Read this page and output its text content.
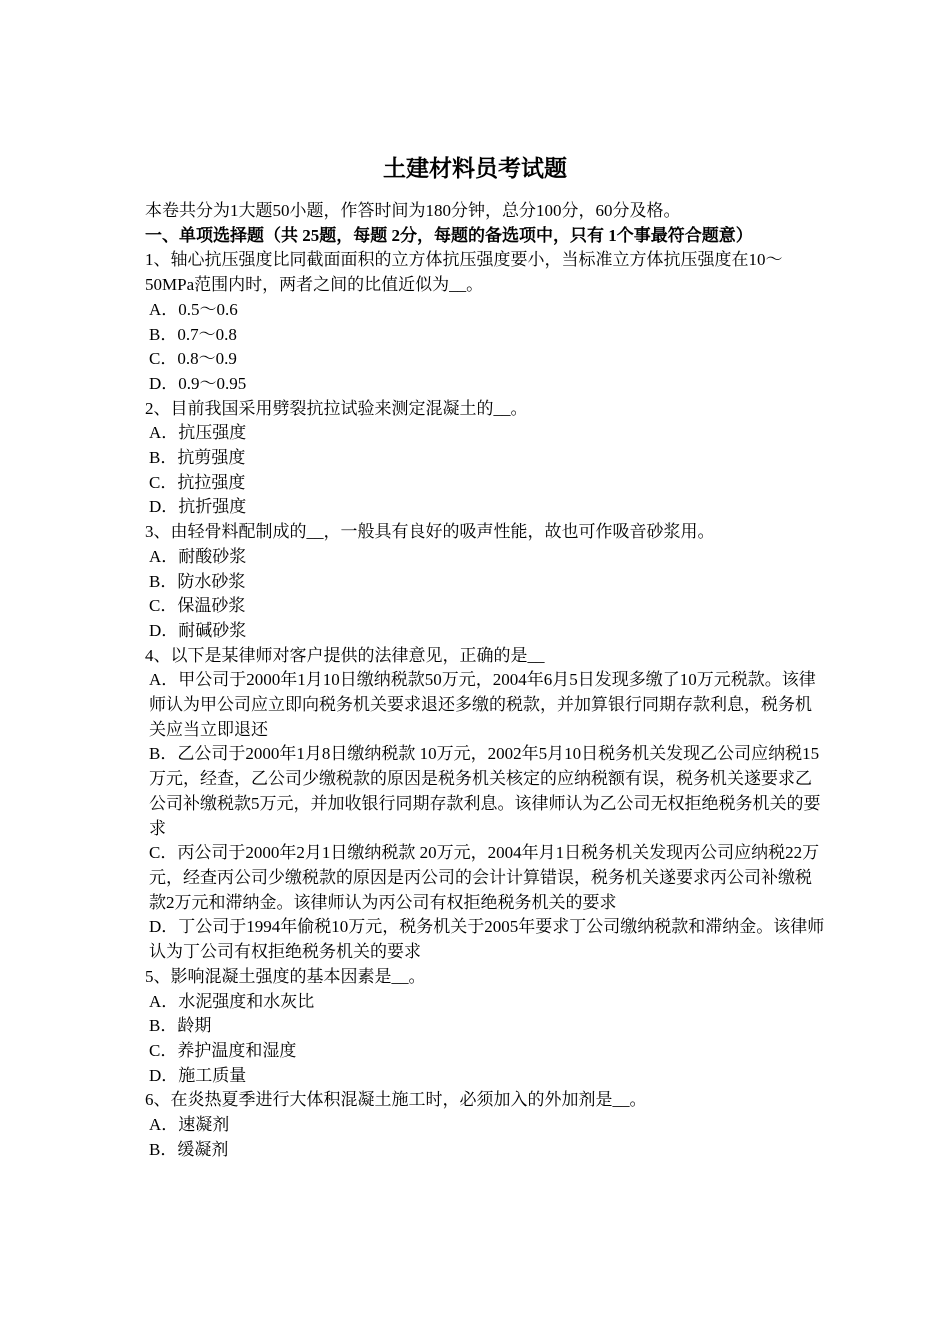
土建材料员考试题

本卷共分为1大题50小题，作答时间为180分钟，总分100分，60分及格。

一、单项选择题（共 25题，每题 2分，每题的备选项中，只有 1个事最符合题意）

1、轴心抗压强度比同截面面积的立方体抗压强度要小，当标准立方体抗压强度在10～50MPa范围内时，两者之间的比值近似为__。

A．0.5～0.6

B．0.7～0.8

C．0.8～0.9

D．0.9～0.95

2、目前我国采用劈裂抗拉试验来测定混凝土的__。

A．抗压强度

B．抗剪强度

C．抗拉强度

D．抗折强度

3、由轻骨料配制成的__，一般具有良好的吸声性能，故也可作吸音砂浆用。

A．耐酸砂浆

B．防水砂浆

C．保温砂浆

D．耐碱砂浆

4、以下是某律师对客户提供的法律意见，正确的是__

A．甲公司于2000年1月10日缴纳税款50万元，2004年6月5日发现多缴了10万元税款。该律师认为甲公司应立即向税务机关要求退还多缴的税款，并加算银行同期存款利息，税务机关应当立即退还

B．乙公司于2000年1月8日缴纳税款 10万元，2002年5月10日税务机关发现乙公司应纳税15万元，经查，乙公司少缴税款的原因是税务机关核定的应纳税额有误，税务机关遂要求乙公司补缴税款5万元，并加收银行同期存款利息。该律师认为乙公司无权拒绝税务机关的要求

C．丙公司于2000年2月1日缴纳税款 20万元，2004年月1日税务机关发现丙公司应纳税22万元，经查丙公司少缴税款的原因是丙公司的会计计算错误，税务机关遂要求丙公司补缴税款2万元和滞纳金。该律师认为丙公司有权拒绝税务机关的要求

D．丁公司于1994年偷税10万元，税务机关于2005年要求丁公司缴纳税款和滞纳金。该律师认为丁公司有权拒绝税务机关的要求

5、影响混凝土强度的基本因素是__。

A．水泥强度和水灰比

B．龄期

C．养护温度和湿度

D．施工质量

6、在炎热夏季进行大体积混凝土施工时，必须加入的外加剂是__。

A．速凝剂

B．缓凝剂
